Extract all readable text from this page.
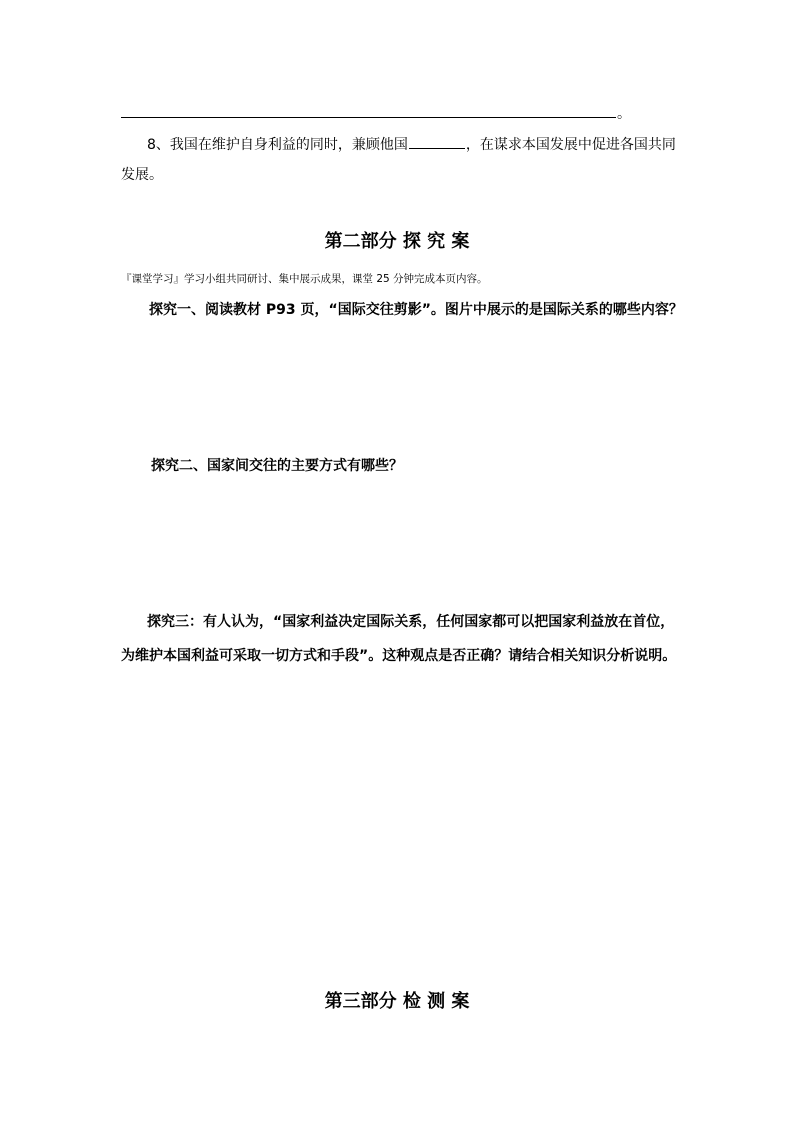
。
8、我国在维护自身利益的同时，兼顾他国	，在谋求本国发展中促进各国共同
发展。
第二部分 探 究 案
『课堂学习』学习小组共同研讨、集中展示成果，课堂 25 分钟完成本页内容。
探究一、阅读教材 P93 页，“国际交往剪影”。图片中展示的是国际关系的哪些内容？
探究二、国家间交往的主要方式有哪些？
探究三：有人认为，“国家利益决定国际关系，任何国家都可以把国家利益放在首位，
为维护本国利益可采取一切方式和手段”。这种观点是否正确？请结合相关知识分析说明。
第三部分 检 测 案
